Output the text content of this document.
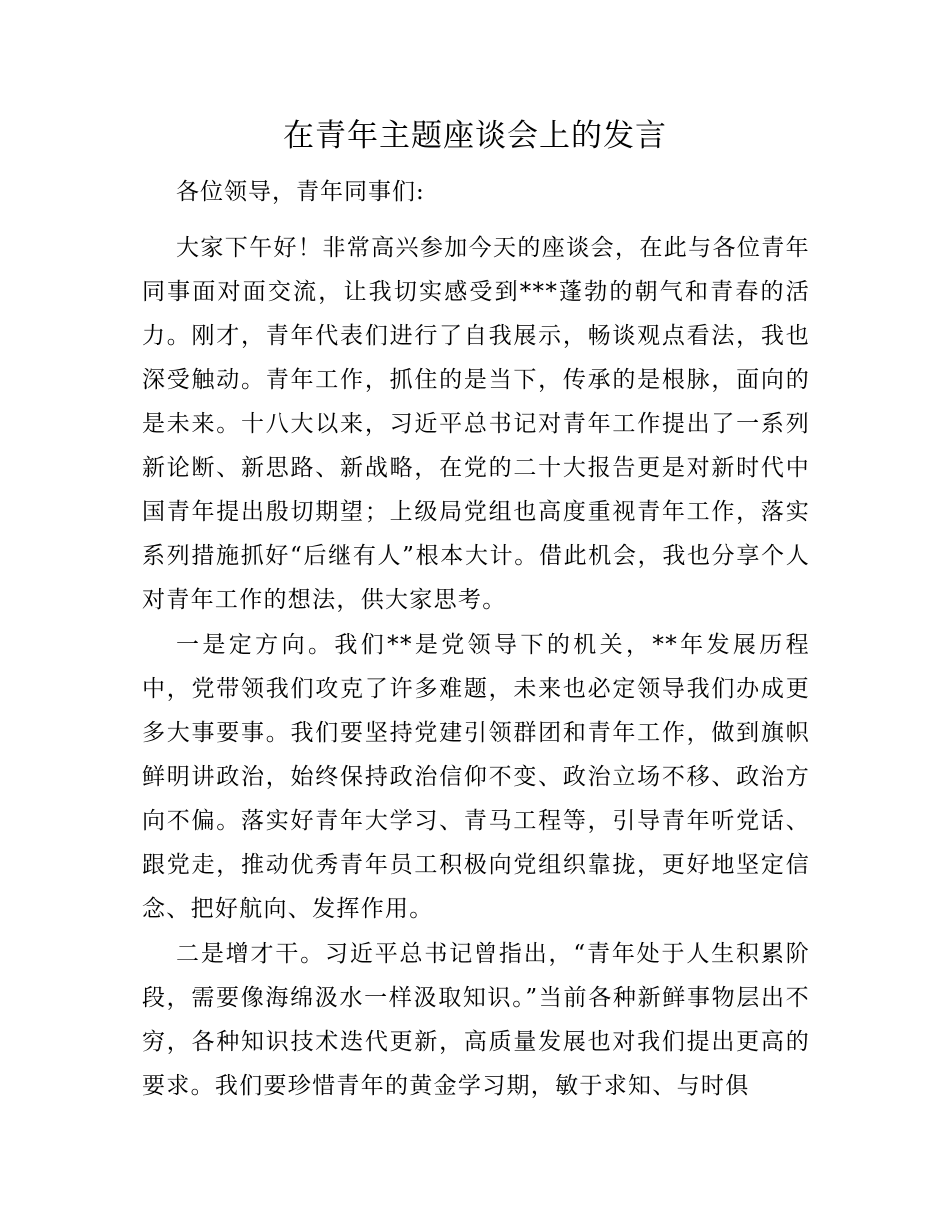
在青年主题座谈会上的发言
各位领导，青年同事们:

大家下午好！非常高兴参加今天的座谈会，在此与各位青年同事面对面交流，让我切实感受到***蓬勃的朝气和青春的活力。刚才，青年代表们进行了自我展示，畅谈观点看法，我也深受触动。青年工作，抓住的是当下，传承的是根脉，面向的是未来。十八大以来，习近平总书记对青年工作提出了一系列新论断、新思路、新战略，在党的二十大报告更是对新时代中国青年提出殷切期望；上级局党组也高度重视青年工作，落实系列措施抓好“后继有人”根本大计。借此机会，我也分享个人对青年工作的想法，供大家思考。

一是定方向。我们**是党领导下的机关，**年发展历程中，党带领我们攻克了许多难题，未来也必定领导我们办成更多大事要事。我们要坚持党建引领群团和青年工作，做到旗帜鲜明讲政治，始终保持政治信仰不变、政治立场不移、政治方向不偏。落实好青年大学习、青马工程等，引导青年听党话、跟党走，推动优秀青年员工积极向党组织靠拢，更好地坚定信念、把好航向、发挥作用。

二是增才干。习近平总书记曾指出，“青年处于人生积累阶段，需要像海绵汲水一样汲取知识。”当前各种新鲜事物层出不穷，各种知识技术迭代更新，高质量发展也对我们提出更高的要求。我们要珍惜青年的黄金学习期，敏于求知、与时俱
